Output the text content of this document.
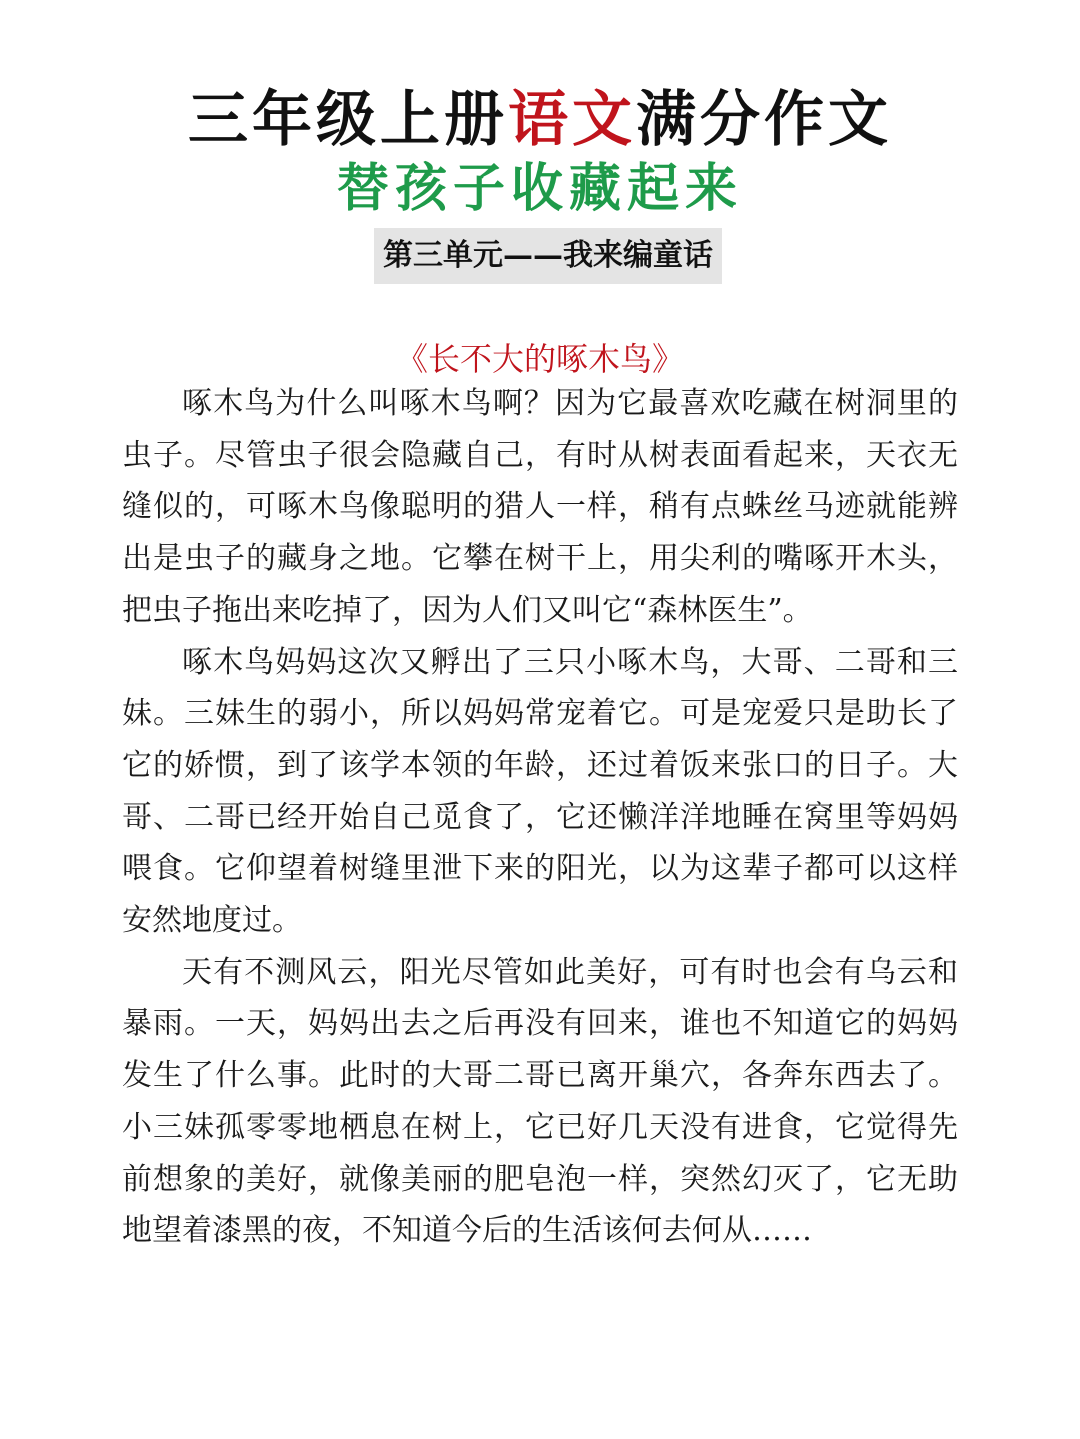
三年级上册语文满分作文
替孩子收藏起来
第三单元——我来编童话
《长不大的啄木鸟》

啄木鸟为什么叫啄木鸟啊？因为它最喜欢吃藏在树洞里的虫子。尽管虫子很会隐藏自己，有时从树表面看起来，天衣无缝似的，可啄木鸟像聪明的猎人一样，稍有点蛛丝马迹就能辨出是虫子的藏身之地。它攀在树干上，用尖利的嘴啄开木头，把虫子拖出来吃掉了，因为人们又叫它“森林医生”。

啄木鸟妈妈这次又孵出了三只小啄木鸟，大哥、二哥和三妹。三妹生的弱小，所以妈妈常宠着它。可是宠爱只是助长了它的娇惯，到了该学本领的年龄，还过着饭来张口的日子。大哥、二哥已经开始自己觅食了，它还懒洋洋地睡在窝里等妈妈喂食。它仰望着树缝里泄下来的阳光，以为这辈子都可以这样安然地度过。

天有不测风云，阳光尽管如此美好，可有时也会有乌云和暴雨。一天，妈妈出去之后再没有回来，谁也不知道它的妈妈发生了什么事。此时的大哥二哥已离开巢穴，各奔东西去了。小三妹孤零零地栖息在树上，它已好几天没有进食，它觉得先前想象的美好，就像美丽的肥皂泡一样，突然幻灭了，它无助地望着漆黑的夜，不知道今后的生活该何去何从……
